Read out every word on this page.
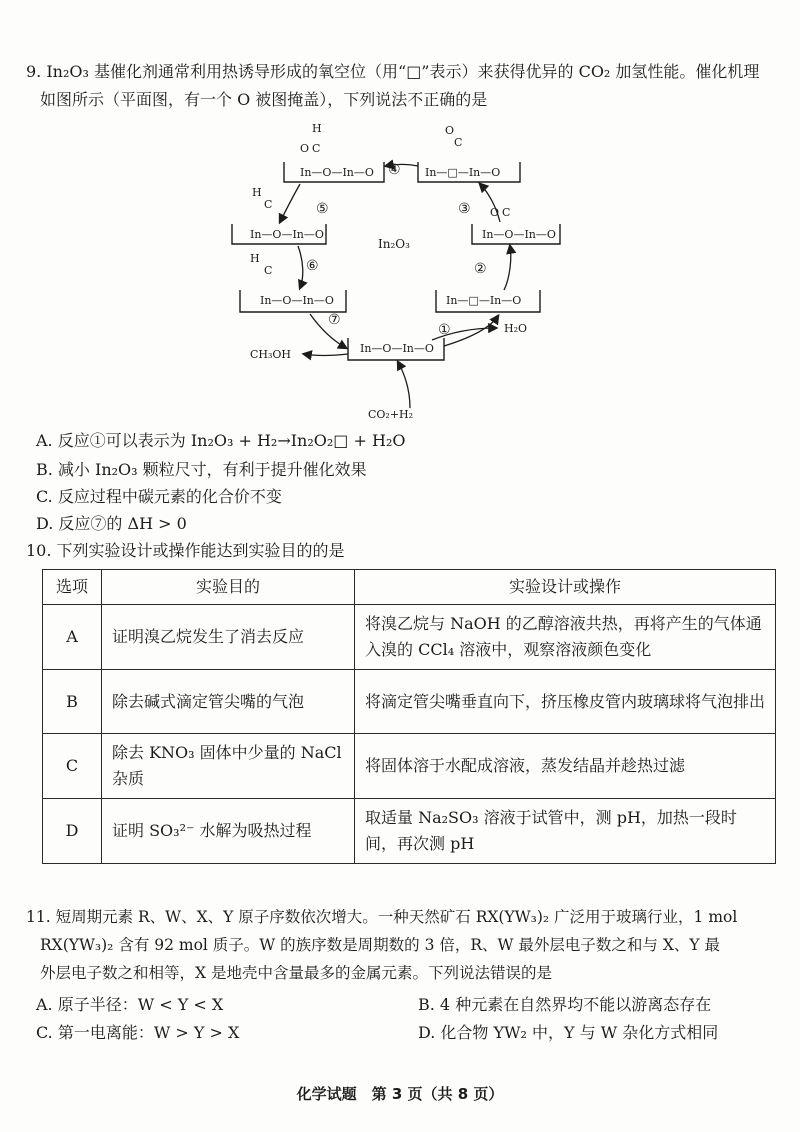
9. In₂O₃ 基催化剂通常利用热诱导形成的氧空位（用“□”表示）来获得优异的 CO₂ 加氢性能。催化机理
如图所示（平面图，有一个 O 被图掩盖），下列说法不正确的是
In₂O₃
In—O—In—O	In—□—In—O
In—O—In—O	In—O—In—O
In—O—In—O	In—□—In—O
In—O—In—O
H
O C
O
C
H
C
H
C
O C
①
②
③
④
⑤
⑥
⑦
CO₂+H₂
H₂O
CH₃OH
A. 反应①可以表示为 In₂O₃ + H₂→In₂O₂□ + H₂O
B. 减小 In₂O₃ 颗粒尺寸，有利于提升催化效果
C. 反应过程中碳元素的化合价不变
D. 反应⑦的 ΔH > 0
10. 下列实验设计或操作能达到实验目的的是
选项	实验目的	实验设计或操作
A	证明溴乙烷发生了消去反应	将溴乙烷与 NaOH 的乙醇溶液共热，再将产生的气体通入溴的 CCl₄ 溶液中，观察溶液颜色变化
B	除去碱式滴定管尖嘴的气泡	将滴定管尖嘴垂直向下，挤压橡皮管内玻璃球将气泡排出
C	除去 KNO₃ 固体中少量的 NaCl 杂质	将固体溶于水配成溶液，蒸发结晶并趁热过滤
D	证明 SO₃²⁻ 水解为吸热过程	取适量 Na₂SO₃ 溶液于试管中，测 pH，加热一段时间，再次测 pH
11. 短周期元素 R、W、X、Y 原子序数依次增大。一种天然矿石 RX(YW₃)₂ 广泛用于玻璃行业，1 mol
RX(YW₃)₂ 含有 92 mol 质子。W 的族序数是周期数的 3 倍，R、W 最外层电子数之和与 X、Y 最
外层电子数之和相等，X 是地壳中含量最多的金属元素。下列说法错误的是
A. 原子半径：W < Y < X	B. 4 种元素在自然界均不能以游离态存在
C. 第一电离能：W > Y > X	D. 化合物 YW₂ 中，Y 与 W 杂化方式相同
化学试题　第 3 页（共 8 页）
